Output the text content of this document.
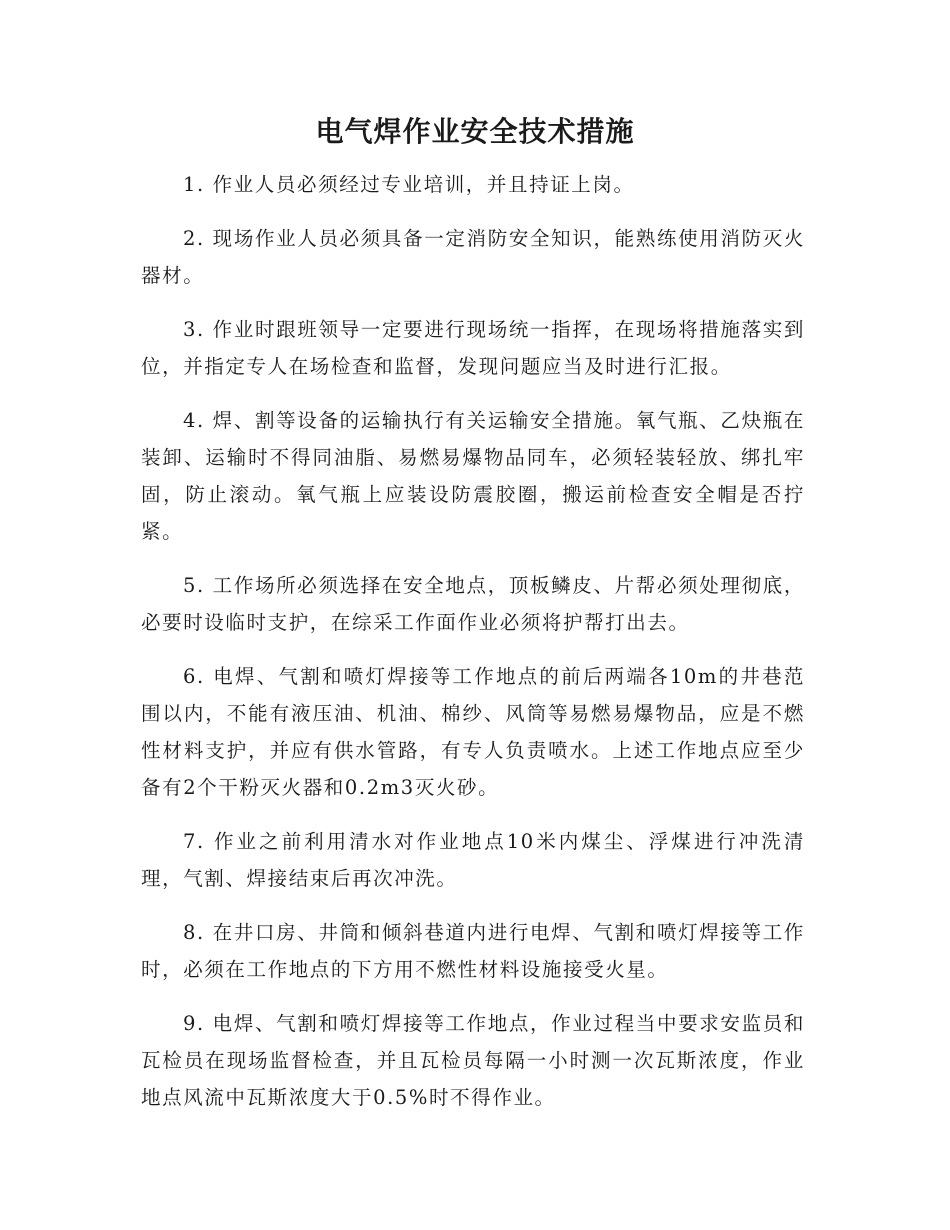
电气焊作业安全技术措施

1. 作业人员必须经过专业培训，并且持证上岗。

2. 现场作业人员必须具备一定消防安全知识，能熟练使用消防灭火器材。

3. 作业时跟班领导一定要进行现场统一指挥，在现场将措施落实到位，并指定专人在场检查和监督，发现问题应当及时进行汇报。

4. 焊、割等设备的运输执行有关运输安全措施。氧气瓶、乙炔瓶在装卸、运输时不得同油脂、易燃易爆物品同车，必须轻装轻放、绑扎牢固，防止滚动。氧气瓶上应装设防震胶圈，搬运前检查安全帽是否拧紧。

5. 工作场所必须选择在安全地点，顶板鳞皮、片帮必须处理彻底，必要时设临时支护，在综采工作面作业必须将护帮打出去。

6. 电焊、气割和喷灯焊接等工作地点的前后两端各10m的井巷范围以内，不能有液压油、机油、棉纱、风筒等易燃易爆物品，应是不燃性材料支护，并应有供水管路，有专人负责喷水。上述工作地点应至少备有2个干粉灭火器和0.2m3灭火砂。

7. 作业之前利用清水对作业地点10米内煤尘、浮煤进行冲洗清理，气割、焊接结束后再次冲洗。

8. 在井口房、井筒和倾斜巷道内进行电焊、气割和喷灯焊接等工作时，必须在工作地点的下方用不燃性材料设施接受火星。

9. 电焊、气割和喷灯焊接等工作地点，作业过程当中要求安监员和瓦检员在现场监督检查，并且瓦检员每隔一小时测一次瓦斯浓度，作业地点风流中瓦斯浓度大于0.5%时不得作业。
